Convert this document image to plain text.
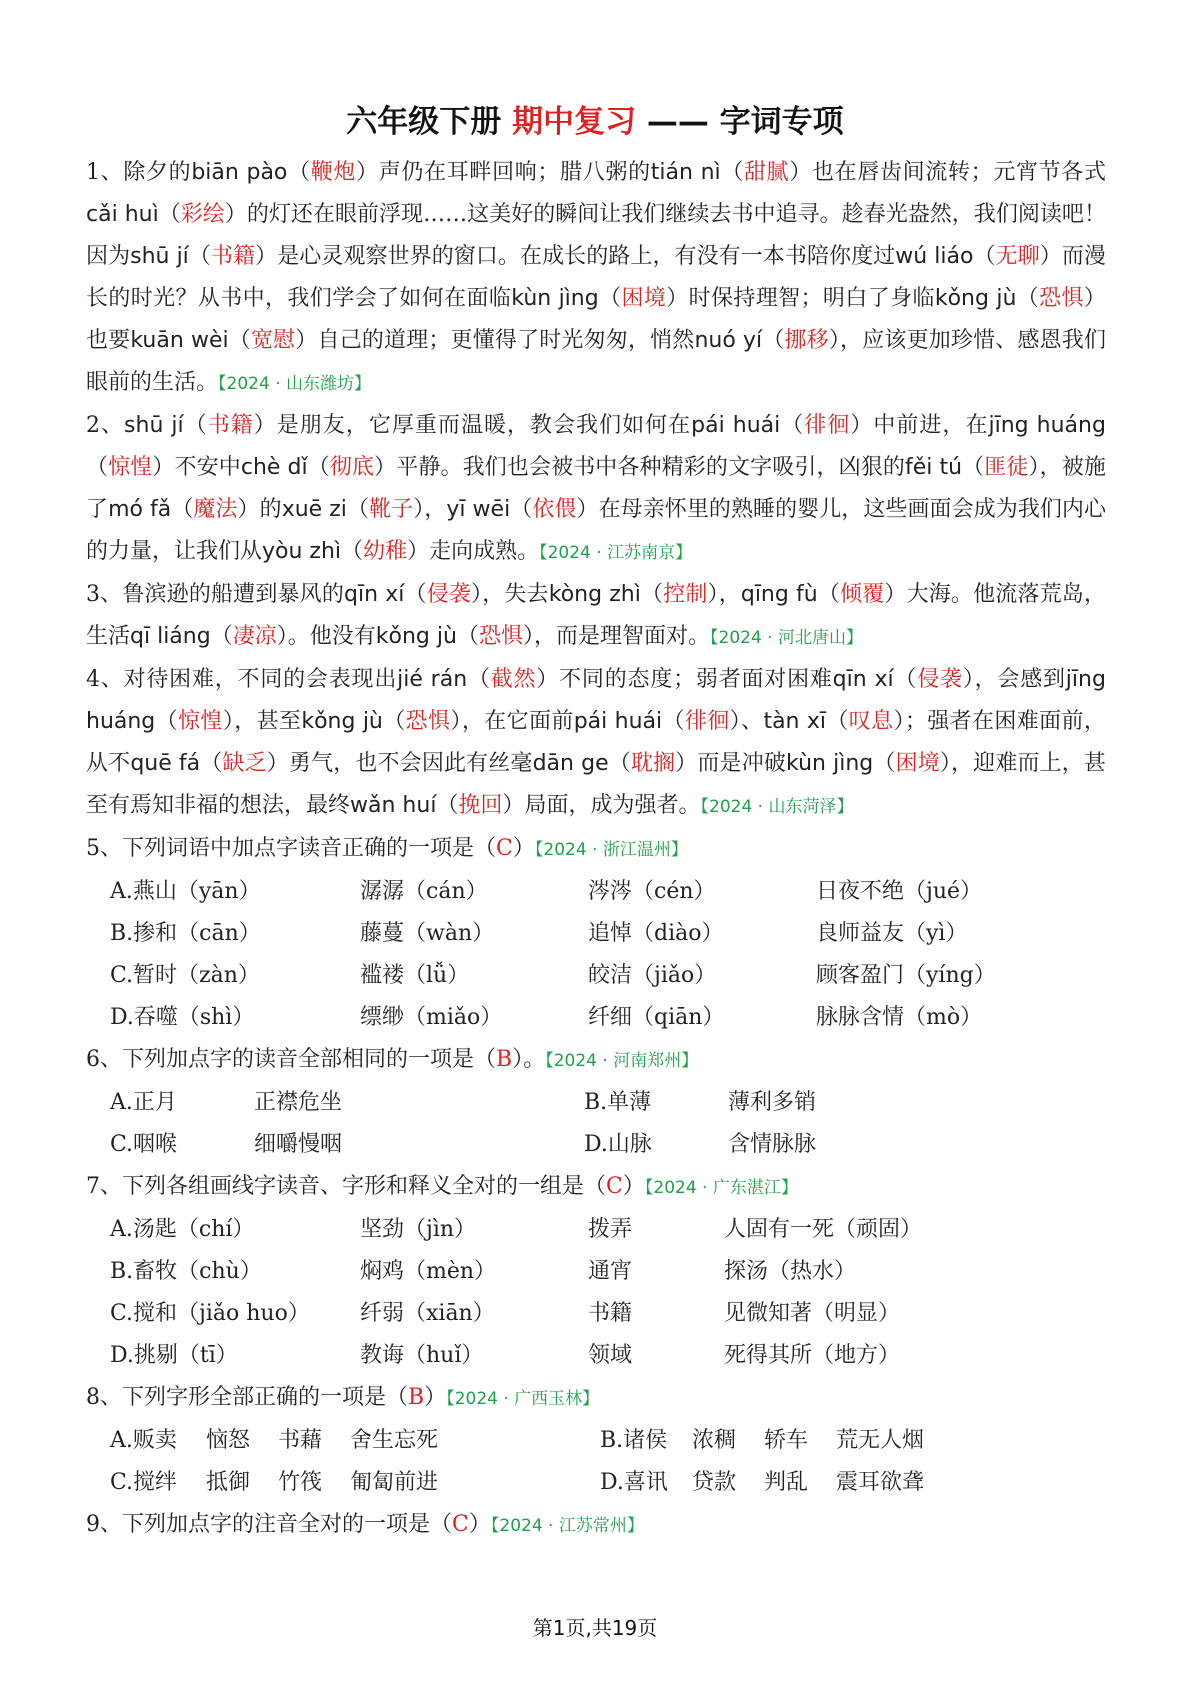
六年级下册 期中复习 —— 字词专项

1、除夕的biān pào（鞭炮）声仍在耳畔回响；腊八粥的tián nì（甜腻）也在唇齿间流转；元宵节各式cǎi huì（彩绘）的灯还在眼前浮现……这美好的瞬间让我们继续去书中追寻。趁春光盎然，我们阅读吧！因为shū jí（书籍）是心灵观察世界的窗口。在成长的路上，有没有一本书陪你度过wú liáo（无聊）而漫长的时光？从书中，我们学会了如何在面临kùn jìng（困境）时保持理智；明白了身临kǒng jù（恐惧）也要kuān wèi（宽慰）自己的道理；更懂得了时光匆匆，悄然nuó yí（挪移），应该更加珍惜、感恩我们眼前的生活。【2024 · 山东潍坊】

2、shū jí（书籍）是朋友，它厚重而温暖，教会我们如何在pái huái（徘徊）中前进，在jīng huáng（惊惶）不安中chè dǐ（彻底）平静。我们也会被书中各种精彩的文字吸引，凶狠的fěi tú（匪徒），被施了mó fǎ（魔法）的xuē zi（靴子），yī wēi（依偎）在母亲怀里的熟睡的婴儿，这些画面会成为我们内心的力量，让我们从yòu zhì（幼稚）走向成熟。【2024 · 江苏南京】

3、鲁滨逊的船遭到暴风的qīn xí（侵袭），失去kòng zhì（控制），qīng fù（倾覆）大海。他流落荒岛，生活qī liáng（凄凉）。他没有kǒng jù（恐惧），而是理智面对。【2024 · 河北唐山】

4、对待困难，不同的会表现出jié rán（截然）不同的态度；弱者面对困难qīn xí（侵袭），会感到jīng huáng（惊惶），甚至kǒng jù（恐惧），在它面前pái huái（徘徊）、tàn xī（叹息）；强者在困难面前，从不quē fá（缺乏）勇气，也不会因此有丝毫dān ge（耽搁）而是冲破kùn jìng（困境），迎难而上，甚至有焉知非福的想法，最终wǎn huí（挽回）局面，成为强者。【2024 · 山东菏泽】

5、下列词语中加点字读音正确的一项是（C）【2024 · 浙江温州】

A.燕山（yān）	潺潺（cán）	涔涔（cén）	日夜不绝（jué）
B.掺和（cān）	藤蔓（wàn）	追悼（diào）	良师益友（yì）
C.暂时（zàn）	褴褛（lǚ）	皎洁（jiǎo）	顾客盈门（yíng）
D.吞噬（shì）	缥缈（miǎo）	纤细（qiān）	脉脉含情（mò）

6、下列加点字的读音全部相同的一项是（B）。【2024 · 河南郑州】

A.正月	正襟危坐	B.单薄	薄利多销
C.咽喉	细嚼慢咽	D.山脉	含情脉脉

7、下列各组画线字读音、字形和释义全对的一组是（C）【2024 · 广东湛江】

A.汤匙（chí）	坚劲（jìn）	拨弄	人固有一死（顽固）
B.畜牧（chù）	焖鸡（mèn）	通宵	探汤（热水）
C.搅和（jiǎo huo）	纤弱（xiān）	书籍	见微知著（明显）
D.挑剔（tī）	教诲（huǐ）	领域	死得其所（地方）

8、下列字形全部正确的一项是（B）【2024 · 广西玉林】

A.贩卖	恼怒	书藉	舍生忘死	B.诸侯	浓稠	轿车	荒无人烟
C.搅绊	抵御	竹筏	匍匐前进	D.喜讯	贷款	判乱	震耳欲聋

9、下列加点字的注音全对的一项是（C）【2024 · 江苏常州】

第1页,共19页
